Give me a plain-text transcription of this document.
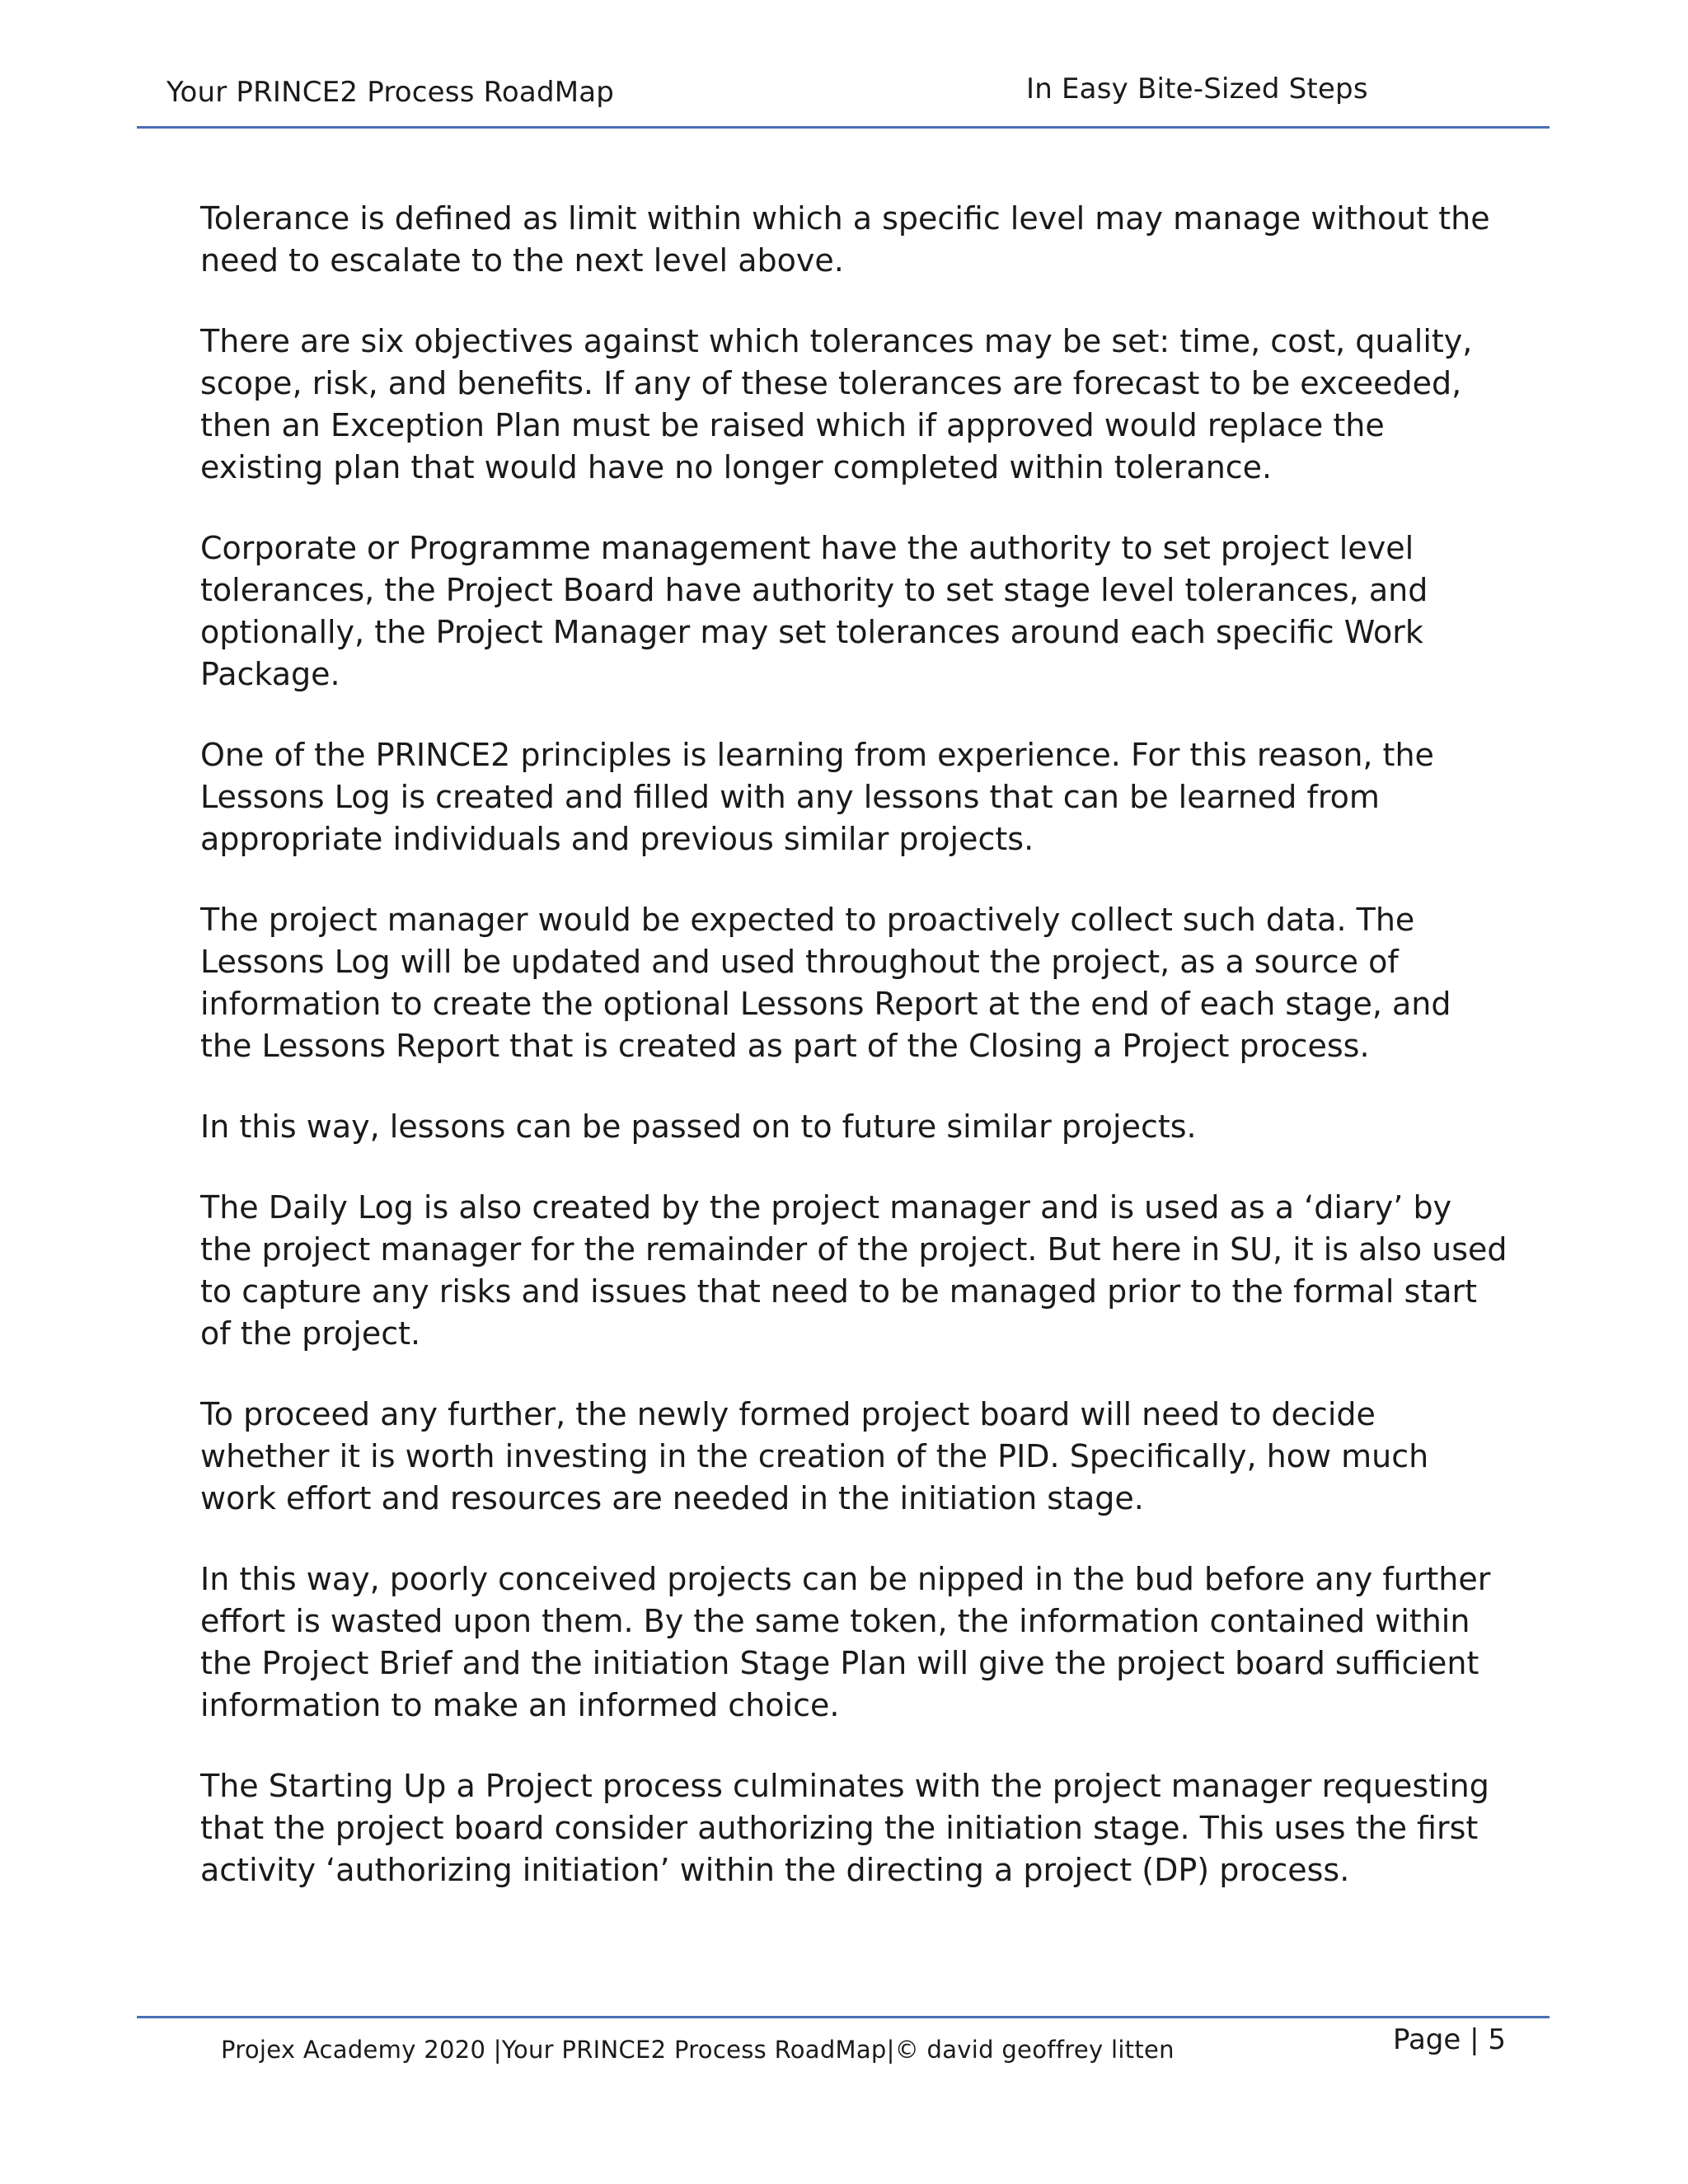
Your PRINCE2 Process RoadMap	In Easy Bite-Sized Steps

Tolerance is defined as limit within which a specific level may manage without the need to escalate to the next level above.

There are six objectives against which tolerances may be set: time, cost, quality, scope, risk, and benefits. If any of these tolerances are forecast to be exceeded, then an Exception Plan must be raised which if approved would replace the existing plan that would have no longer completed within tolerance.

Corporate or Programme management have the authority to set project level tolerances, the Project Board have authority to set stage level tolerances, and optionally, the Project Manager may set tolerances around each specific Work Package.

One of the PRINCE2 principles is learning from experience. For this reason, the Lessons Log is created and filled with any lessons that can be learned from appropriate individuals and previous similar projects.

The project manager would be expected to proactively collect such data. The Lessons Log will be updated and used throughout the project, as a source of information to create the optional Lessons Report at the end of each stage, and the Lessons Report that is created as part of the Closing a Project process.

In this way, lessons can be passed on to future similar projects.

The Daily Log is also created by the project manager and is used as a ‘diary’ by the project manager for the remainder of the project. But here in SU, it is also used to capture any risks and issues that need to be managed prior to the formal start of the project.

To proceed any further, the newly formed project board will need to decide whether it is worth investing in the creation of the PID. Specifically, how much work effort and resources are needed in the initiation stage.

In this way, poorly conceived projects can be nipped in the bud before any further effort is wasted upon them. By the same token, the information contained within the Project Brief and the initiation Stage Plan will give the project board sufficient information to make an informed choice.

The Starting Up a Project process culminates with the project manager requesting that the project board consider authorizing the initiation stage. This uses the first activity ‘authorizing initiation’ within the directing a project (DP) process.

Projex Academy 2020 |Your PRINCE2 Process RoadMap|© david geoffrey litten	Page | 5
